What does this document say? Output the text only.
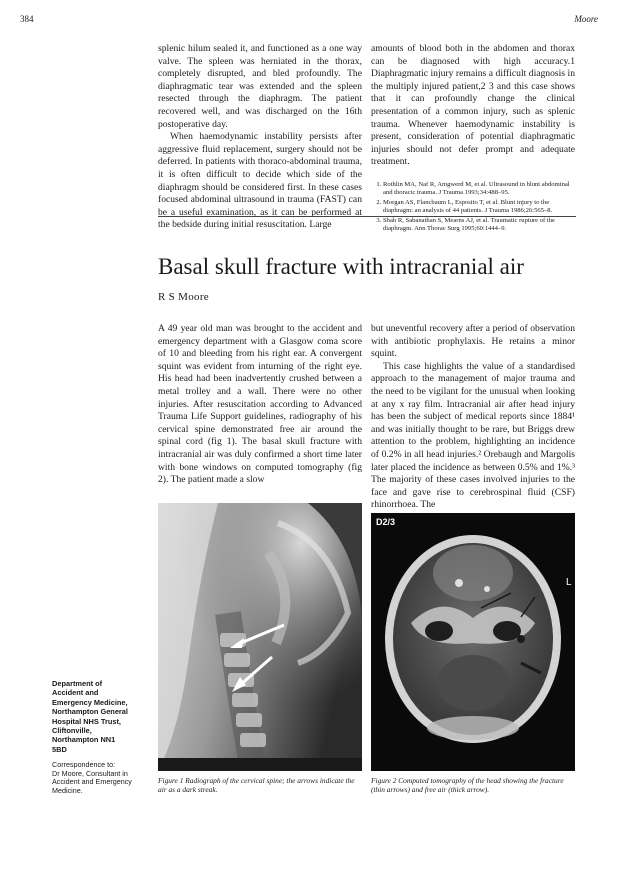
384	Moore

splenic hilum sealed it, and functioned as a one way valve. The spleen was herniated in the thorax, completely disrupted, and bled profoundly. The diaphragmatic tear was extended and the spleen resected through the diaphragm. The patient recovered well, and was discharged on the 16th postoperative day.

When haemodynamic instability persists after aggressive fluid replacement, surgery should not be deferred. In patients with thoraco-abdominal trauma, it is often difficult to decide which side of the diaphragm should be considered first. In these cases focused abdominal ultrasound in trauma (FAST) can be a useful examination, as it can be performed at the bedside during initial resuscitation. Large

amounts of blood both in the abdomen and thorax can be diagnosed with high accuracy.1 Diaphragmatic injury remains a difficult diagnosis in the multiply injured patient,2 3 and this case shows that it can profoundly change the clinical presentation of a common injury, such as splenic trauma. Whenever haemodynamic instability is present, consideration of potential diaphragmatic injuries should not defer prompt and adequate treatment.

1. Rothlin MA, Naf R, Amgwerd M, et al. Ultrasound in blunt abdominal and thoracic trauma. J Trauma 1993;34:488–95.
2. Morgan AS, Flancbaum L, Esposito T, et al. Blunt injury to the diaphragm: an analysis of 44 patients. J Trauma 1986;26:565–8.
3. Shah R, Sabanathan S, Mearns AJ, et al. Traumatic rupture of the diaphragm. Ann Thorac Surg 1995;60:1444–9.
Basal skull fracture with intracranial air
R S Moore

A 49 year old man was brought to the accident and emergency department with a Glasgow coma score of 10 and bleeding from his right ear. A convergent squint was evident from inturning of the right eye. His head had been inadvertently crushed between a metal trolley and a wall. There were no other injuries. After resuscitation according to Advanced Trauma Life Support guidelines, radiography of his cervical spine demonstrated free air around the spinal cord (fig 1). The basal skull fracture with intracranial air was duly confirmed a short time later with bone windows on computed tomography (fig 2). The patient made a slow

but uneventful recovery after a period of observation with antibiotic prophylaxis. He retains a minor squint.

This case highlights the value of a standardised approach to the management of major trauma and the need to be vigilant for the unusual when looking at any x ray film. Intracranial air after head injury has been the subject of medical reports since 1884¹ and was initially thought to be rare, but Briggs drew attention to the problem, highlighting an incidence of 0.2% in all head injuries.² Orebaugh and Margolis later placed the incidence as between 0.5% and 1%.³ The majority of these cases involved injuries to the face and gave rise to cerebrospinal fluid (CSF) rhinorrhoea. The

Department of
Accident and
Emergency Medicine,
Northampton General
Hospital NHS Trust,
Cliftonville,
Northampton NN1
5BD
Correspondence to:
Dr Moore, Consultant in
Accident and Emergency
Medicine.
Figure 1 Radiograph of the cervical spine; the arrows indicate the air as a dark streak.
D2/3
L
Figure 2 Computed tomography of the head showing the fracture (thin arrows) and free air (thick arrow).
